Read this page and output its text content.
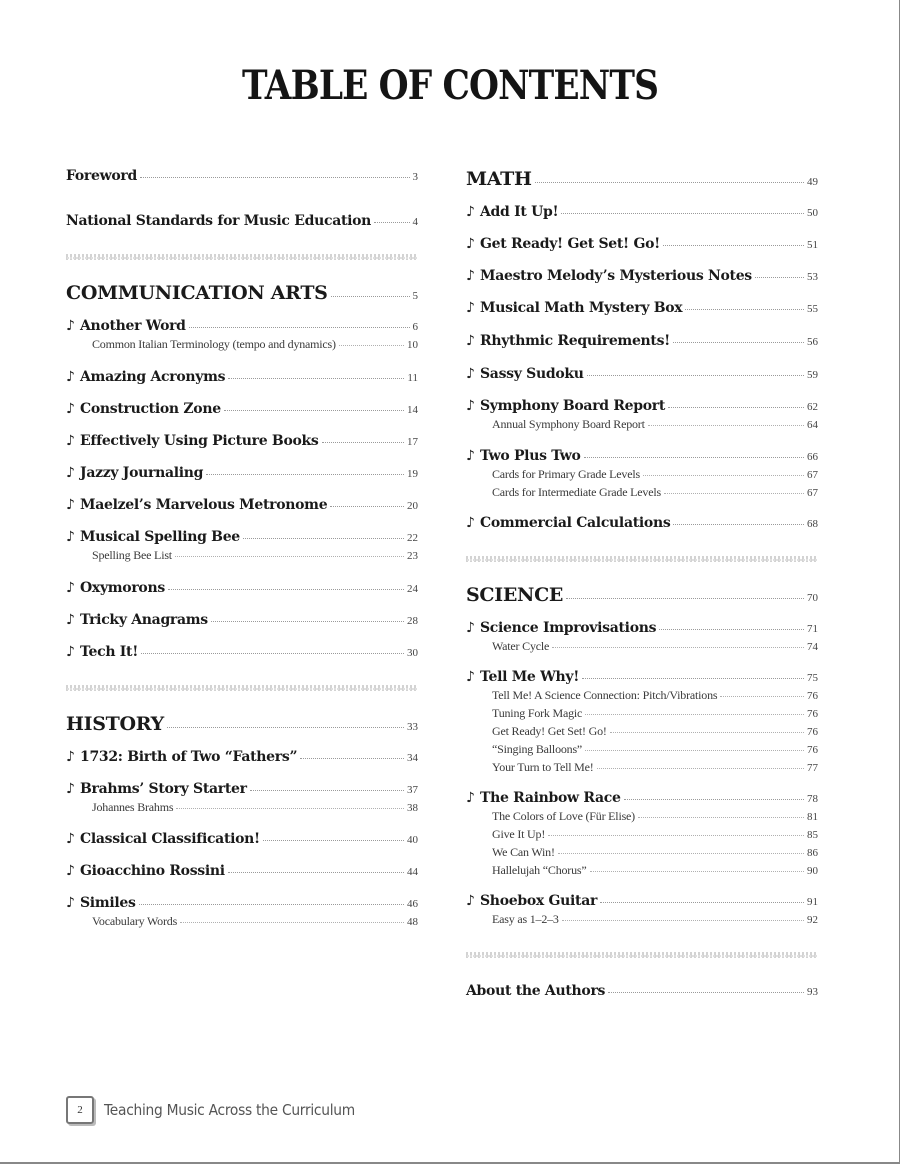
TABLE OF CONTENTS
Foreword	3
National Standards for Music Education	4
COMMUNICATION ARTS	5
♪ Another Word	6
Common Italian Terminology (tempo and dynamics)	10
♪ Amazing Acronyms	11
♪ Construction Zone	14
♪ Effectively Using Picture Books	17
♪ Jazzy Journaling	19
♪ Maelzel’s Marvelous Metronome	20
♪ Musical Spelling Bee	22
Spelling Bee List	23
♪ Oxymorons	24
♪ Tricky Anagrams	28
♪ Tech It!	30
HISTORY	33
♪ 1732: Birth of Two “Fathers”	34
♪ Brahms’ Story Starter	37
Johannes Brahms	38
♪ Classical Classification!	40
♪ Gioacchino Rossini	44
♪ Similes	46
Vocabulary Words	48
MATH	49
♪ Add It Up!	50
♪ Get Ready! Get Set! Go!	51
♪ Maestro Melody’s Mysterious Notes	53
♪ Musical Math Mystery Box	55
♪ Rhythmic Requirements!	56
♪ Sassy Sudoku	59
♪ Symphony Board Report	62
Annual Symphony Board Report	64
♪ Two Plus Two	66
Cards for Primary Grade Levels	67
Cards for Intermediate Grade Levels	67
♪ Commercial Calculations	68
SCIENCE	70
♪ Science Improvisations	71
Water Cycle	74
♪ Tell Me Why!	75
Tell Me! A Science Connection: Pitch/Vibrations	76
Tuning Fork Magic	76
Get Ready! Get Set! Go!	76
“Singing Balloons”	76
Your Turn to Tell Me!	77
♪ The Rainbow Race	78
The Colors of Love (Für Elise)	81
Give It Up!	85
We Can Win!	86
Hallelujah “Chorus”	90
♪ Shoebox Guitar	91
Easy as 1–2–3	92
About the Authors	93
2	Teaching Music Across the Curriculum
